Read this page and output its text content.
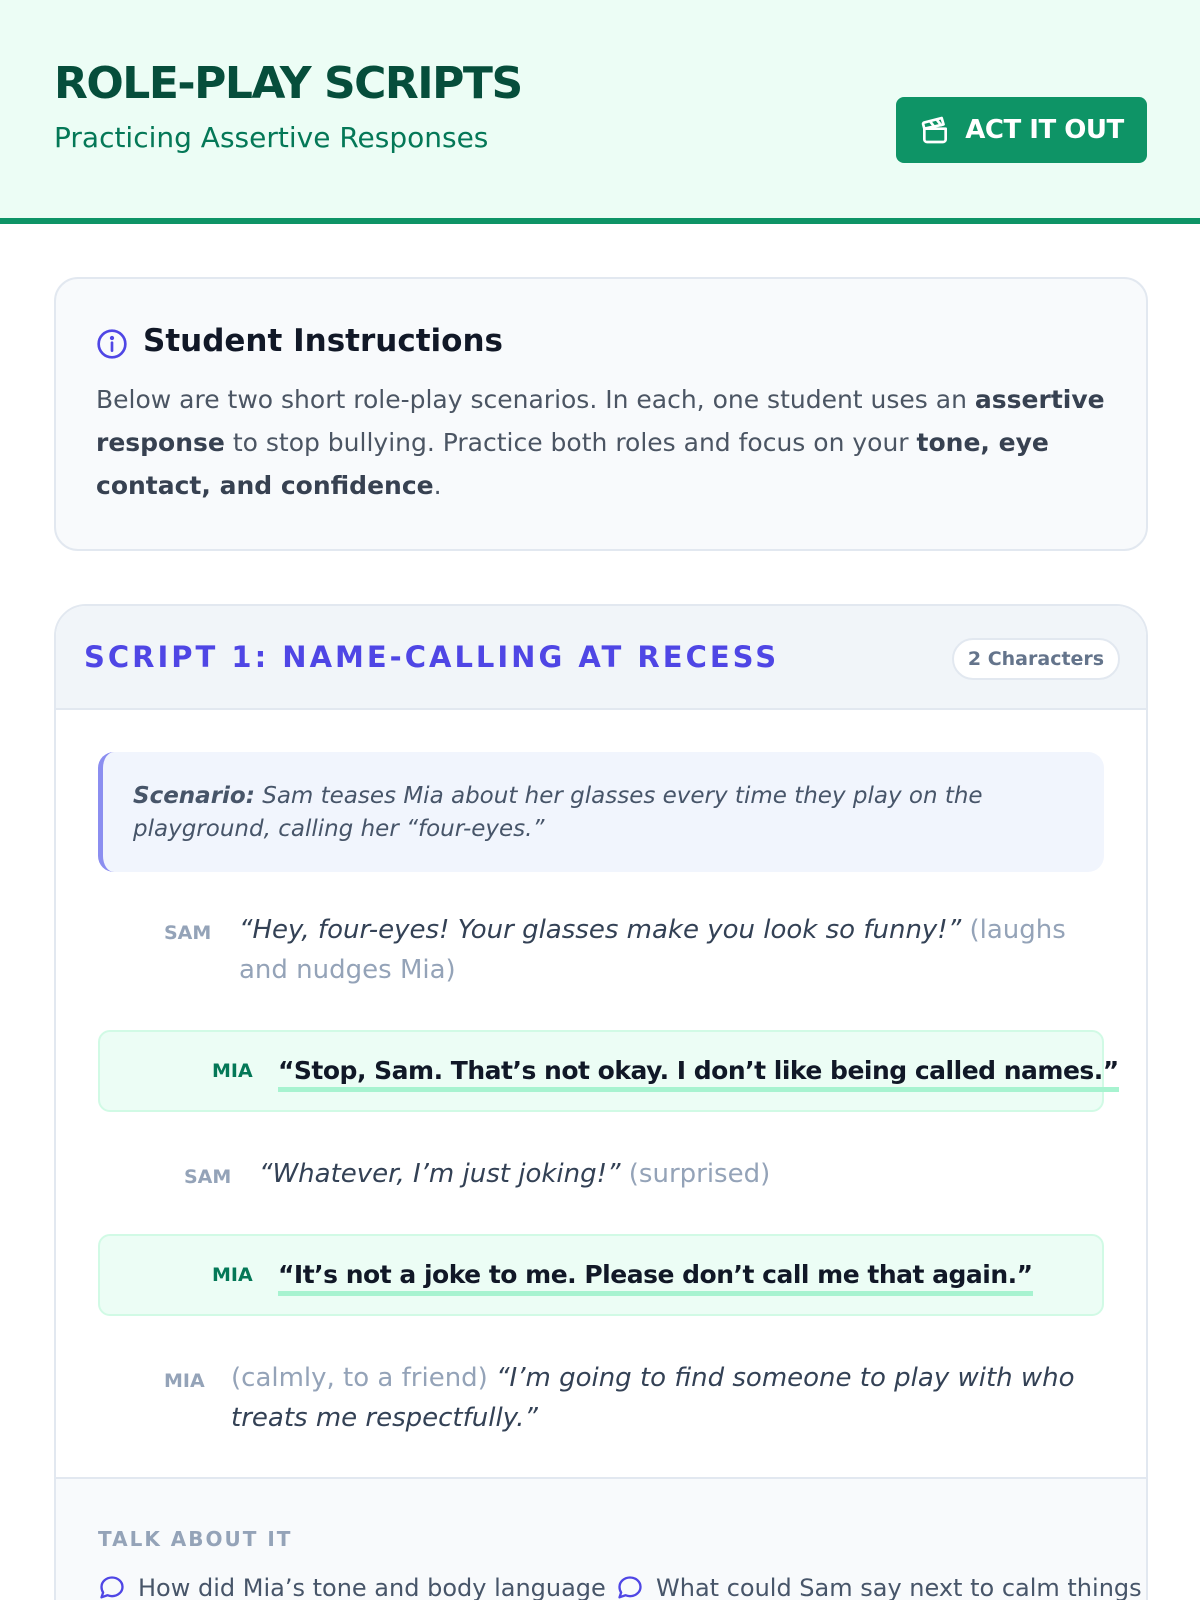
ROLE-PLAY SCRIPTS
Practicing Assertive Responses	ACT IT OUT
Student Instructions
Below are two short role-play scenarios. In each, one student uses an assertive response to stop bullying. Practice both roles and focus on your tone, eye contact, and confidence.
SCRIPT 1: NAME-CALLING AT RECESS	2 Characters
Scenario: Sam teases Mia about her glasses every time they play on the playground, calling her “four-eyes.”
SAM “Hey, four-eyes! Your glasses make you look so funny!” (laughs and nudges Mia)
MIA “Stop, Sam. That’s not okay. I don’t like being called names.”
SAM “Whatever, I’m just joking!” (surprised)
MIA “It’s not a joke to me. Please don’t call me that again.”
MIA (calmly, to a friend) “I’m going to find someone to play with who treats me respectfully.”
TALK ABOUT IT
How did Mia’s tone and body language What could Sam say next to calm things
